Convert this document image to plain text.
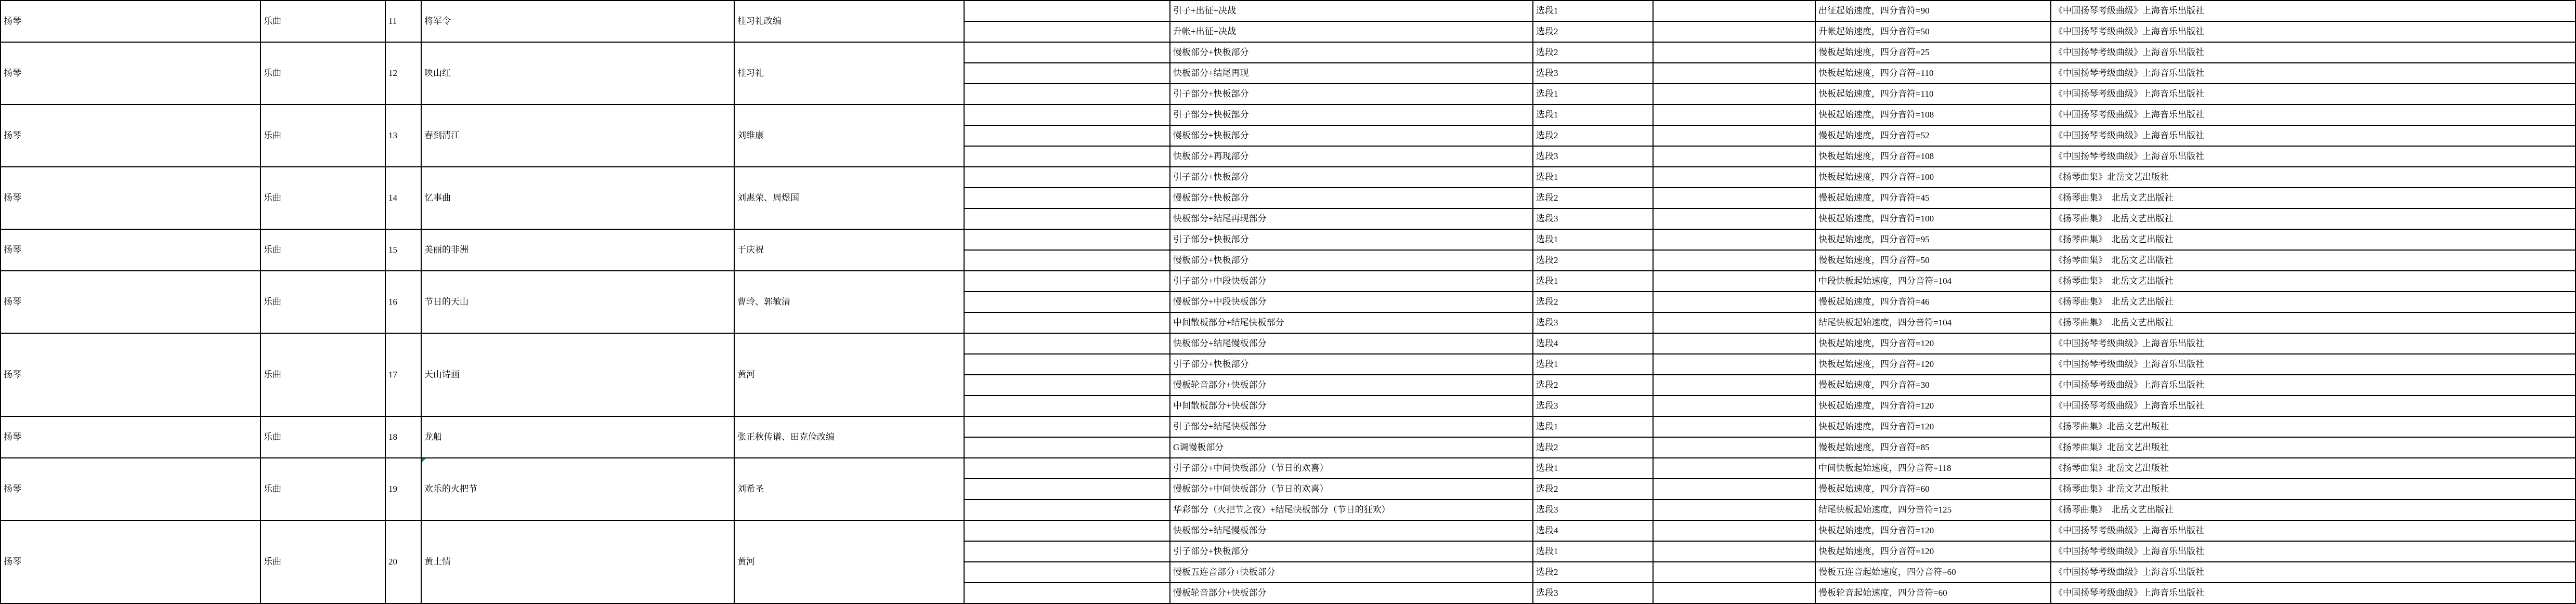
扬琴	乐曲	11	将军令	桂习礼改编		引子+出征+决战	选段1		出征起始速度，四分音符=90	《中国扬琴考级曲级》上海音乐出版社
						升帐+出征+决战	选段2		升帐起始速度，四分音符=50	《中国扬琴考级曲级》上海音乐出版社
扬琴	乐曲	12	映山红	桂习礼		慢板部分+快板部分	选段2		慢板起始速度，四分音符=25	《中国扬琴考级曲级》上海音乐出版社
						快板部分+结尾再现	选段3		快板起始速度，四分音符=110	《中国扬琴考级曲级》上海音乐出版社
						引子部分+快板部分	选段1		快板起始速度，四分音符=110	《中国扬琴考级曲级》上海音乐出版社
扬琴	乐曲	13	春到清江	刘维康		引子部分+快板部分	选段1		快板起始速度，四分音符=108	《中国扬琴考级曲级》上海音乐出版社
						慢板部分+快板部分	选段2		慢板起始速度，四分音符=52	《中国扬琴考级曲级》上海音乐出版社
						快板部分+再现部分	选段3		快板起始速度，四分音符=108	《中国扬琴考级曲级》上海音乐出版社
扬琴	乐曲	14	忆事曲	刘惠荣、周煜国		引子部分+快板部分	选段1		快板起始速度，四分音符=100	《扬琴曲集》北岳文艺出版社
						慢板部分+快板部分	选段2		慢板起始速度，四分音符=45	《扬琴曲集》　北岳文艺出版社
						快板部分+结尾再现部分	选段3		快板起始速度，四分音符=100	《扬琴曲集》　北岳文艺出版社
扬琴	乐曲	15	美丽的非洲	于庆祝		引子部分+快板部分	选段1		快板起始速度，四分音符=95	《扬琴曲集》　北岳文艺出版社
						慢板部分+快板部分	选段2		慢板起始速度，四分音符=50	《扬琴曲集》　北岳文艺出版社
扬琴	乐曲	16	节日的天山	曹玲、郭敏清		引子部分+中段快板部分	选段1		中段快板起始速度，四分音符=104	《扬琴曲集》　北岳文艺出版社
						慢板部分+中段快板部分	选段2		慢板起始速度，四分音符=46	《扬琴曲集》　北岳文艺出版社
						中间散板部分+结尾快板部分	选段3		结尾快板起始速度，四分音符=104	《扬琴曲集》　北岳文艺出版社
扬琴	乐曲	17	天山诗画	黄河		快板部分+结尾慢板部分	选段4		快板起始速度，四分音符=120	《中国扬琴考级曲级》上海音乐出版社
						引子部分+快板部分	选段1		快板起始速度，四分音符=120	《中国扬琴考级曲级》上海音乐出版社
						慢板轮音部分+快板部分	选段2		慢板起始速度，四分音符=30	《中国扬琴考级曲级》上海音乐出版社
						中间散板部分+快板部分	选段3		快板起始速度，四分音符=120	《中国扬琴考级曲级》上海音乐出版社
扬琴	乐曲	18	龙船	张正秋传谱、田克俭改编		引子部分+结尾快板部分	选段1		快板起始速度，四分音符=120	《扬琴曲集》北岳文艺出版社
						G调慢板部分	选段2		慢板起始速度，四分音符=85	《扬琴曲集》北岳文艺出版社
扬琴	乐曲	19	欢乐的火把节	刘希圣		引子部分+中间快板部分（节日的欢喜）	选段1		中间快板起始速度，四分音符=118	《扬琴曲集》北岳文艺出版社
						慢板部分+中间快板部分（节日的欢喜）	选段2		慢板起始速度，四分音符=60	《扬琴曲集》北岳文艺出版社
						华彩部分（火把节之夜）+结尾快板部分（节日的狂欢）	选段3		结尾快板起始速度，四分音符=125	《扬琴曲集》　北岳文艺出版社
扬琴	乐曲	20	黄土情	黄河		快板部分+结尾慢板部分	选段4		快板起始速度，四分音符=120	《中国扬琴考级曲级》上海音乐出版社
						引子部分+快板部分	选段1		快板起始速度，四分音符=120	《中国扬琴考级曲级》上海音乐出版社
						慢板五连音部分+快板部分	选段2		慢板五连音起始速度，四分音符=60	《中国扬琴考级曲级》上海音乐出版社
						慢板轮音部分+快板部分	选段3		慢板轮音起始速度，四分音符=60	《中国扬琴考级曲级》上海音乐出版社
